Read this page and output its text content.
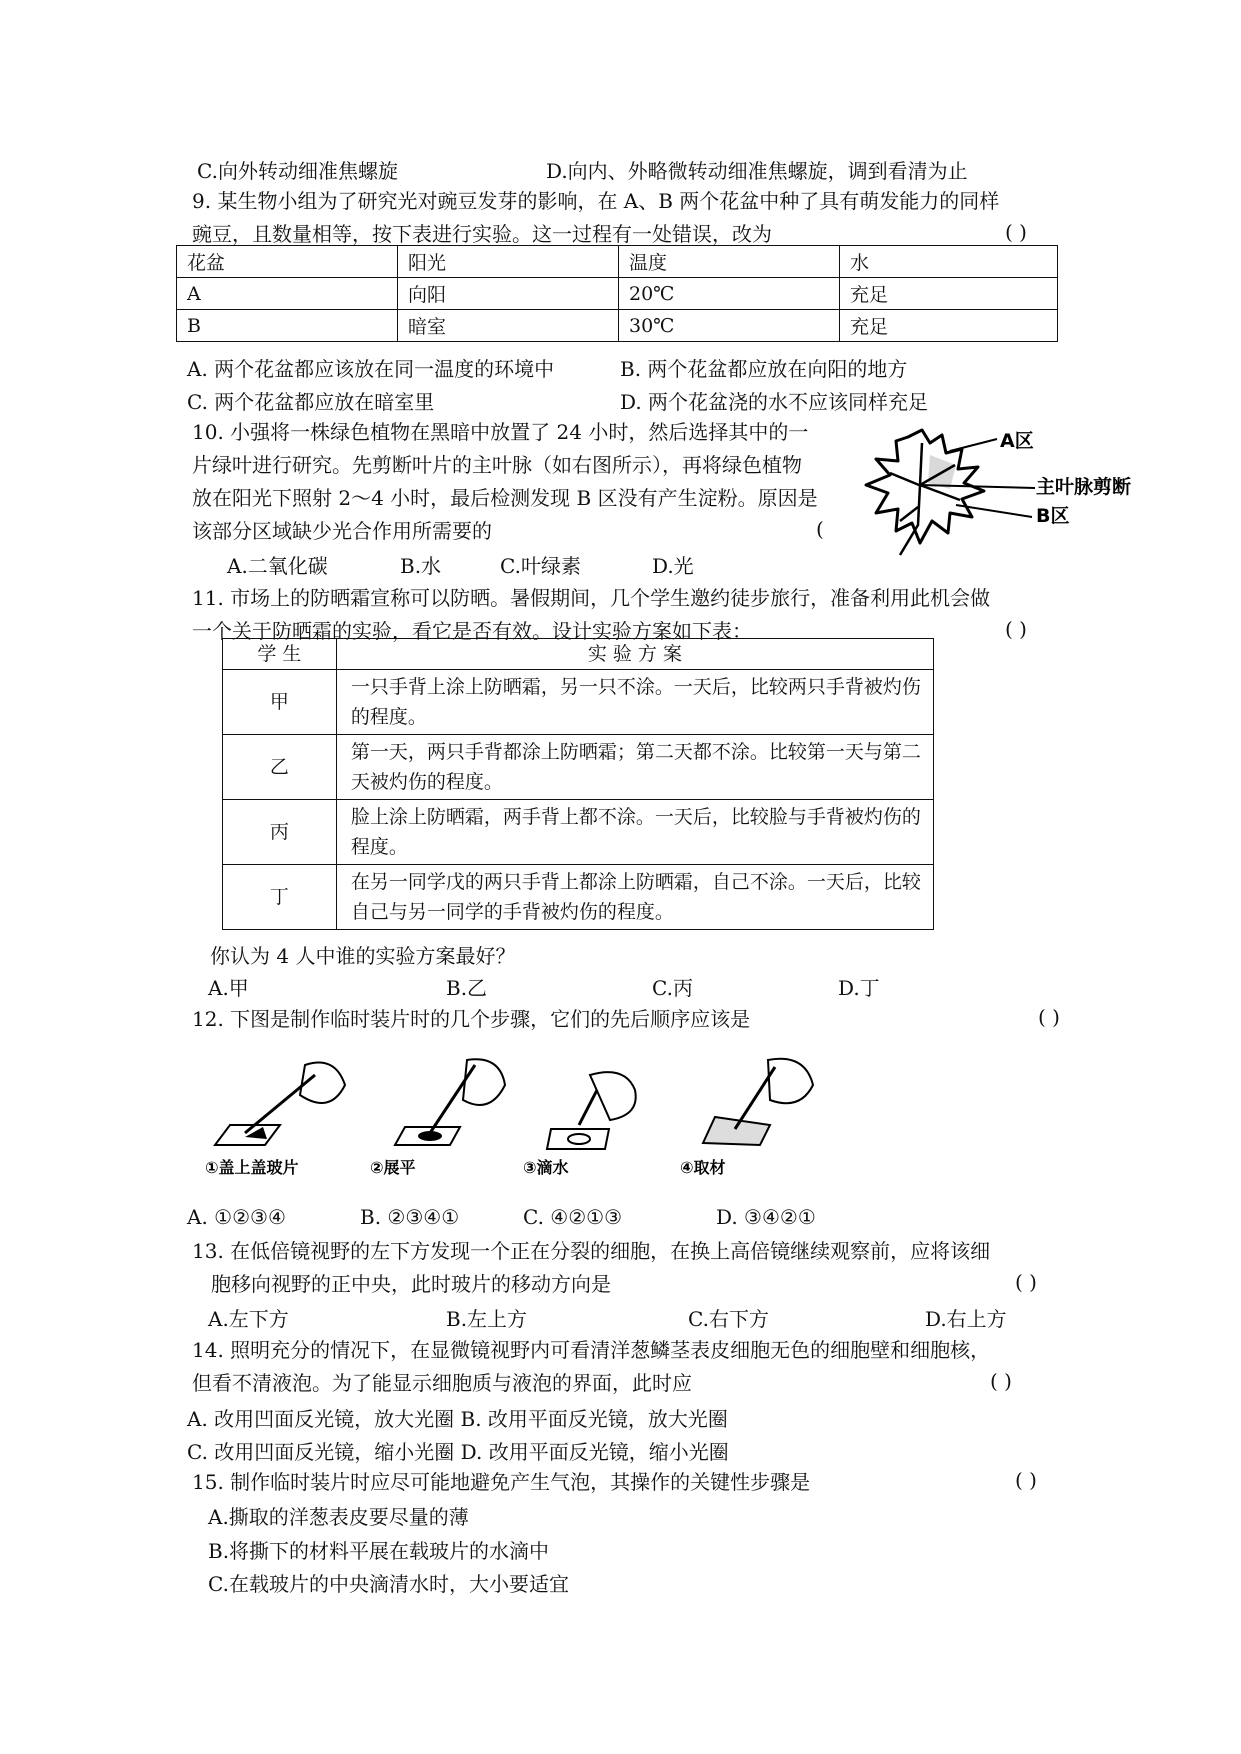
C.向外转动细准焦螺旋	D.向内、外略微转动细准焦螺旋，调到看清为止
9. 某生物小组为了研究光对豌豆发芽的影响，在 A、B 两个花盆中种了具有萌发能力的同样
豌豆，且数量相等，按下表进行实验。这一过程有一处错误，改为	( )
花盆	阳光	温度	水
A	向阳	20℃	充足
B	暗室	30℃	充足
A. 两个花盆都应该放在同一温度的环境中	B. 两个花盆都应放在向阳的地方
C. 两个花盆都应放在暗室里	D. 两个花盆浇的水不应该同样充足
10. 小强将一株绿色植物在黑暗中放置了 24 小时，然后选择其中的一
片绿叶进行研究。先剪断叶片的主叶脉（如右图所示），再将绿色植物
放在阳光下照射 2～4 小时，最后检测发现 B 区没有产生淀粉。原因是
该部分区域缺少光合作用所需要的	(
A.二氧化碳	B.水	C.叶绿素	D.光
A区
主叶脉剪断
B区
11. 市场上的防晒霜宣称可以防晒。暑假期间，几个学生邀约徒步旅行，准备利用此机会做
一个关于防晒霜的实验，看它是否有效。设计实验方案如下表：	( )
学 生	实 验 方 案
甲	一只手背上涂上防晒霜，另一只不涂。一天后，比较两只手背被灼伤的程度。
乙	第一天，两只手背都涂上防晒霜；第二天都不涂。比较第一天与第二天被灼伤的程度。
丙	脸上涂上防晒霜，两手背上都不涂。一天后，比较脸与手背被灼伤的程度。
丁	在另一同学戊的两只手背上都涂上防晒霜，自己不涂。一天后，比较自己与另一同学的手背被灼伤的程度。
你认为 4 人中谁的实验方案最好？
A.甲	B.乙	C.丙	D.丁
12. 下图是制作临时装片时的几个步骤，它们的先后顺序应该是	( )
①盖上盖玻片	②展平	③滴水	④取材
A. ①②③④	B. ②③④①	C. ④②①③	D. ③④②①
13. 在低倍镜视野的左下方发现一个正在分裂的细胞，在换上高倍镜继续观察前，应将该细
胞移向视野的正中央，此时玻片的移动方向是	( )
A.左下方	B.左上方	C.右下方	D.右上方
14. 照明充分的情况下，在显微镜视野内可看清洋葱鳞茎表皮细胞无色的细胞壁和细胞核，
但看不清液泡。为了能显示细胞质与液泡的界面，此时应	( )
A. 改用凹面反光镜，放大光圈 B. 改用平面反光镜，放大光圈
C. 改用凹面反光镜，缩小光圈 D. 改用平面反光镜，缩小光圈
15. 制作临时装片时应尽可能地避免产生气泡，其操作的关键性步骤是	( )
A.撕取的洋葱表皮要尽量的薄
B.将撕下的材料平展在载玻片的水滴中
C.在载玻片的中央滴清水时，大小要适宜
